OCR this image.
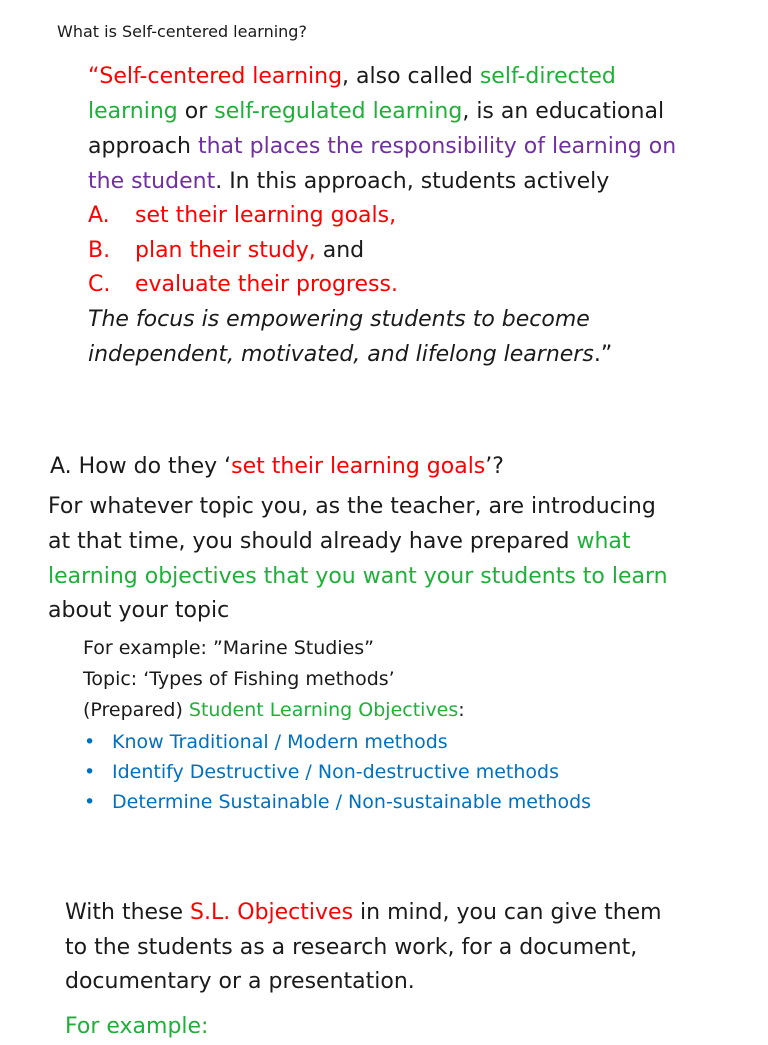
What is Self-centered learning?
“Self-centered learning, also called self-directed
learning or self-regulated learning, is an educational
approach that places the responsibility of learning on
the student. In this approach, students actively
A. set their learning goals,
B. plan their study, and
C. evaluate their progress.
The focus is empowering students to become
independent, motivated, and lifelong learners.”
A. How do they ‘set their learning goals’?
For whatever topic you, as the teacher, are introducing
at that time, you should already have prepared what
learning objectives that you want your students to learn
about your topic
For example: ”Marine Studies”
Topic: ‘Types of Fishing methods’
(Prepared) Student Learning Objectives:
• Know Traditional / Modern methods
• Identify Destructive / Non-destructive methods
• Determine Sustainable / Non-sustainable methods
With these S.L. Objectives in mind, you can give them
to the students as a research work, for a document,
documentary or a presentation.
For example:
